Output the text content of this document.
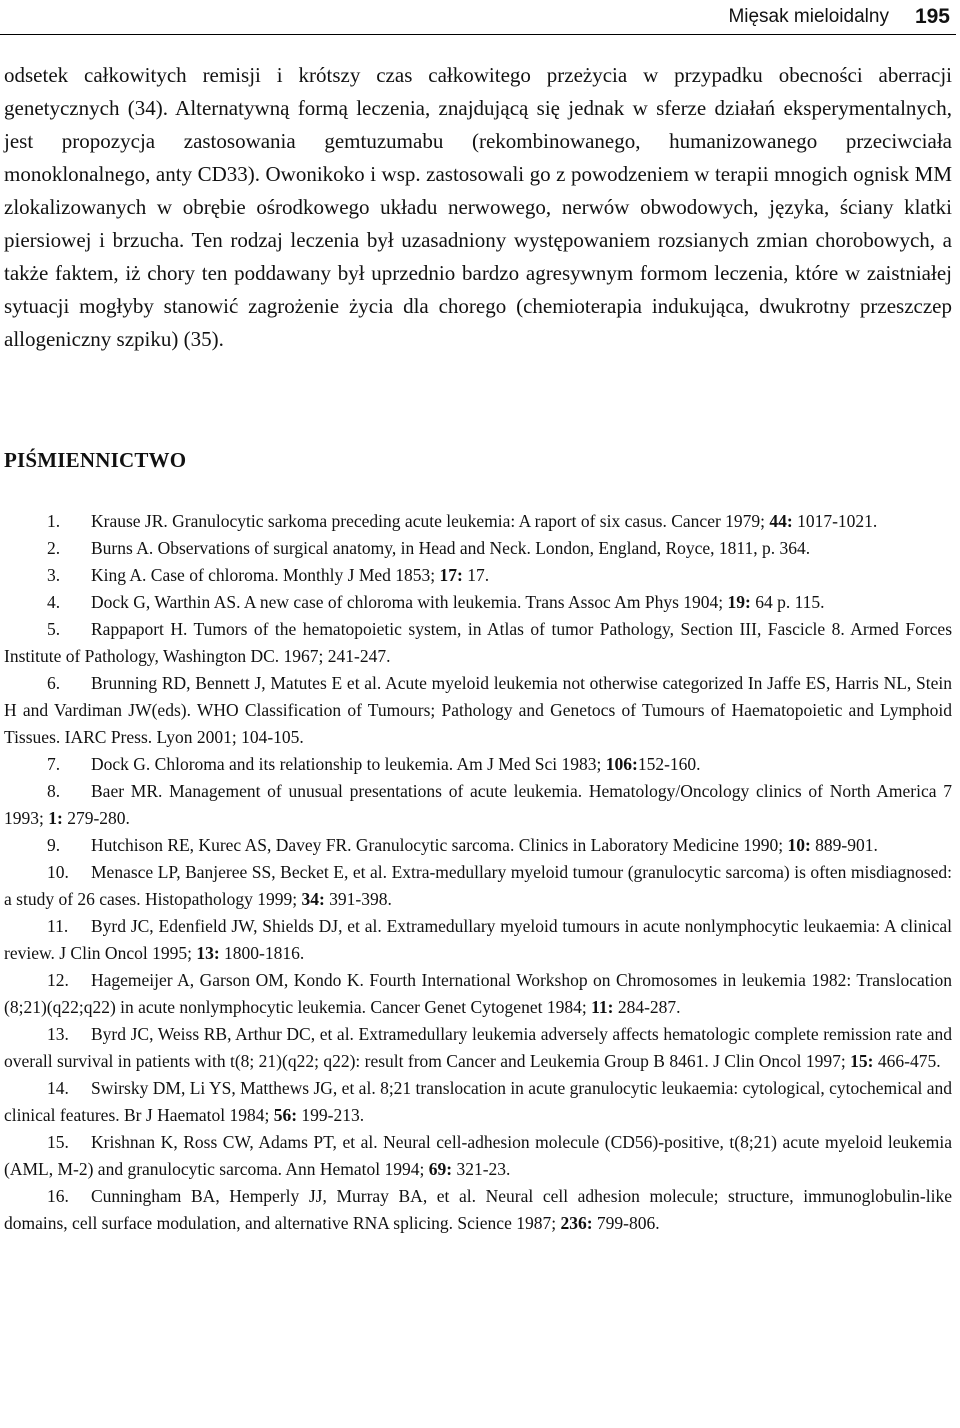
Mięsak mieloidalny 195
odsetek całkowitych remisji i krótszy czas całkowitego przeżycia w przypadku obecności aberracji genetycznych (34). Alternatywną formą leczenia, znajdującą się jednak w sferze działań eksperymentalnych, jest propozycja zastosowania gemtuzumabu (rekombinowanego, humanizowanego przeciwciała monoklonalnego, anty CD33). Owonikoko i wsp. zastosowali go z powodzeniem w terapii mnogich ognisk MM zlokalizowanych w obrębie ośrodkowego układu nerwowego, nerwów obwodowych, języka, ściany klatki piersiowej i brzucha. Ten rodzaj leczenia był uzasadniony występowaniem rozsianych zmian chorobowych, a także faktem, iż chory ten poddawany był uprzednio bardzo agresywnym formom leczenia, które w zaistniałej sytuacji mogłyby stanowić zagrożenie życia dla chorego (chemioterapia indukująca, dwukrotny przeszczep allogeniczny szpiku) (35).
PIŚMIENNICTWO
1. Krause JR. Granulocytic sarkoma preceding acute leukemia: A raport of six casus. Cancer 1979; 44: 1017-1021.
2. Burns A. Observations of surgical anatomy, in Head and Neck. London, England, Royce, 1811, p. 364.
3. King A. Case of chloroma. Monthly J Med 1853; 17: 17.
4. Dock G, Warthin AS. A new case of chloroma with leukemia. Trans Assoc Am Phys 1904; 19: 64 p. 115.
5. Rappaport H. Tumors of the hematopoietic system, in Atlas of tumor Pathology, Section III, Fascicle 8. Armed Forces Institute of Pathology, Washington DC. 1967; 241-247.
6. Brunning RD, Bennett J, Matutes E et al. Acute myeloid leukemia not otherwise categorized In Jaffe ES, Harris NL, Stein H and Vardiman JW(eds). WHO Classification of Tumours; Pathology and Genetocs of Tumours of Haematopoietic and Lymphoid Tissues. IARC Press. Lyon 2001; 104-105.
7. Dock G. Chloroma and its relationship to leukemia. Am J Med Sci 1983; 106:152-160.
8. Baer MR. Management of unusual presentations of acute leukemia. Hematology/Oncology clinics of North America 7 1993; 1: 279-280.
9. Hutchison RE, Kurec AS, Davey FR. Granulocytic sarcoma. Clinics in Laboratory Medicine 1990; 10: 889-901.
10. Menasce LP, Banjeree SS, Becket E, et al. Extra-medullary myeloid tumour (granulocytic sarcoma) is often misdiagnosed: a study of 26 cases. Histopathology 1999; 34: 391-398.
11. Byrd JC, Edenfield JW, Shields DJ, et al. Extramedullary myeloid tumours in acute nonlymphocytic leukaemia: A clinical review. J Clin Oncol 1995; 13: 1800-1816.
12. Hagemeijer A, Garson OM, Kondo K. Fourth International Workshop on Chromosomes in leukemia 1982: Translocation (8;21)(q22;q22) in acute nonlymphocytic leukemia. Cancer Genet Cytogenet 1984; 11: 284-287.
13. Byrd JC, Weiss RB, Arthur DC, et al. Extramedullary leukemia adversely affects hematologic complete remission rate and overall survival in patients with t(8; 21)(q22; q22): result from Cancer and Leukemia Group B 8461. J Clin Oncol 1997; 15: 466-475.
14. Swirsky DM, Li YS, Matthews JG, et al. 8;21 translocation in acute granulocytic leukaemia: cytological, cytochemical and clinical features. Br J Haematol 1984; 56: 199-213.
15. Krishnan K, Ross CW, Adams PT, et al. Neural cell-adhesion molecule (CD56)-positive, t(8;21) acute myeloid leukemia (AML, M-2) and granulocytic sarcoma. Ann Hematol 1994; 69: 321-23.
16. Cunningham BA, Hemperly JJ, Murray BA, et al. Neural cell adhesion molecule; structure, immunoglobulin-like domains, cell surface modulation, and alternative RNA splicing. Science 1987; 236: 799-806.
